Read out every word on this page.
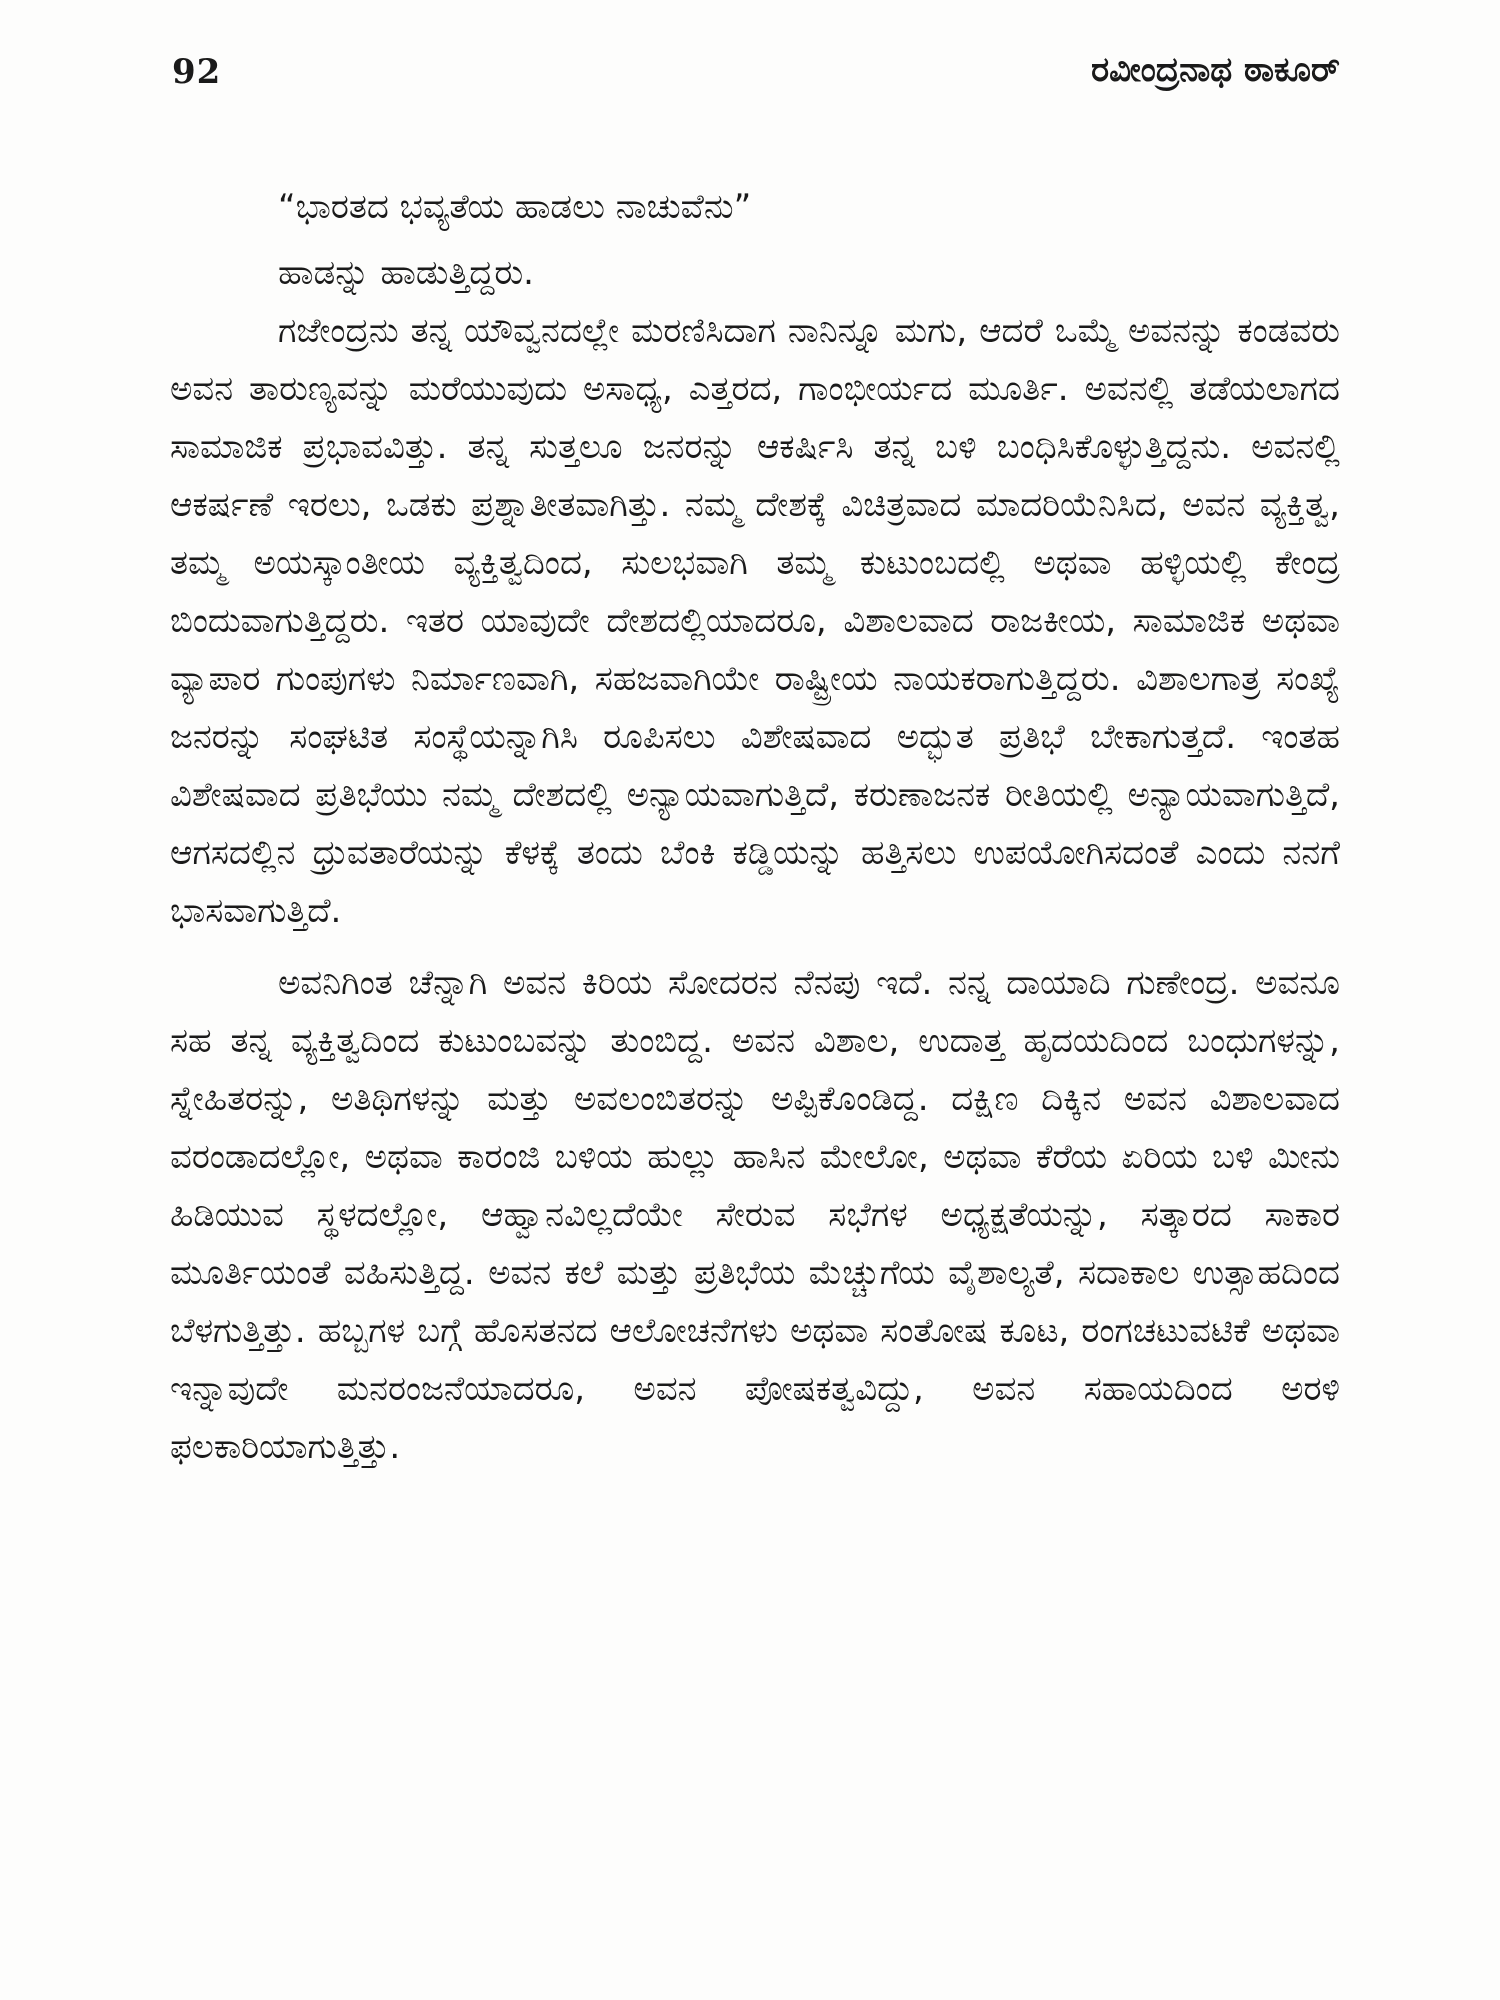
92	ರವೀಂದ್ರನಾಥ ಠಾಕೂರ್

“ಭಾರತದ ಭವ್ಯತೆಯ ಹಾಡಲು ನಾಚುವೆನು”

ಹಾಡನ್ನು ಹಾಡುತ್ತಿದ್ದರು.

ಗಜೇಂದ್ರನು ತನ್ನ ಯೌವ್ವನದಲ್ಲೇ ಮರಣಿಸಿದಾಗ ನಾನಿನ್ನೂ ಮಗು, ಆದರೆ ಒಮ್ಮೆ ಅವನನ್ನು ಕಂಡವರು ಅವನ ತಾರುಣ್ಯವನ್ನು ಮರೆಯುವುದು ಅಸಾಧ್ಯ, ಎತ್ತರದ, ಗಾಂಭೀರ್ಯದ ಮೂರ್ತಿ. ಅವನಲ್ಲಿ ತಡೆಯಲಾಗದ ಸಾಮಾಜಿಕ ಪ್ರಭಾವವಿತ್ತು. ತನ್ನ ಸುತ್ತಲೂ ಜನರನ್ನು ಆಕರ್ಷಿಸಿ ತನ್ನ ಬಳಿ ಬಂಧಿಸಿಕೊಳ್ಳುತ್ತಿದ್ದನು. ಅವನಲ್ಲಿ ಆಕರ್ಷಣೆ ಇರಲು, ಒಡಕು ಪ್ರಶ್ನಾತೀತವಾಗಿತ್ತು. ನಮ್ಮ ದೇಶಕ್ಕೆ ವಿಚಿತ್ರವಾದ ಮಾದರಿಯೆನಿಸಿದ, ಅವನ ವ್ಯಕ್ತಿತ್ವ, ತಮ್ಮ ಅಯಸ್ಕಾಂತೀಯ ವ್ಯಕ್ತಿತ್ವದಿಂದ, ಸುಲಭವಾಗಿ ತಮ್ಮ ಕುಟುಂಬದಲ್ಲಿ ಅಥವಾ ಹಳ್ಳಿಯಲ್ಲಿ ಕೇಂದ್ರ ಬಿಂದುವಾಗುತ್ತಿದ್ದರು. ಇತರ ಯಾವುದೇ ದೇಶದಲ್ಲಿಯಾದರೂ, ವಿಶಾಲವಾದ ರಾಜಕೀಯ, ಸಾಮಾಜಿಕ ಅಥವಾ ವ್ಯಾಪಾರ ಗುಂಪುಗಳು ನಿರ್ಮಾಣವಾಗಿ, ಸಹಜವಾಗಿಯೇ ರಾಷ್ಟ್ರೀಯ ನಾಯಕರಾಗುತ್ತಿದ್ದರು. ವಿಶಾಲಗಾತ್ರ ಸಂಖ್ಯೆ ಜನರನ್ನು ಸಂಘಟಿತ ಸಂಸ್ಥೆಯನ್ನಾಗಿಸಿ ರೂಪಿಸಲು ವಿಶೇಷವಾದ ಅದ್ಭುತ ಪ್ರತಿಭೆ ಬೇಕಾಗುತ್ತದೆ. ಇಂತಹ ವಿಶೇಷವಾದ ಪ್ರತಿಭೆಯು ನಮ್ಮ ದೇಶದಲ್ಲಿ ಅನ್ಯಾಯವಾಗುತ್ತಿದೆ, ಕರುಣಾಜನಕ ರೀತಿಯಲ್ಲಿ ಅನ್ಯಾಯವಾಗುತ್ತಿದೆ, ಆಗಸದಲ್ಲಿನ ಧ್ರುವತಾರೆಯನ್ನು ಕೆಳಕ್ಕೆ ತಂದು ಬೆಂಕಿ ಕಡ್ಡಿಯನ್ನು ಹತ್ತಿಸಲು ಉಪಯೋಗಿಸದಂತೆ ಎಂದು ನನಗೆ ಭಾಸವಾಗುತ್ತಿದೆ.

ಅವನಿಗಿಂತ ಚೆನ್ನಾಗಿ ಅವನ ಕಿರಿಯ ಸೋದರನ ನೆನಪು ಇದೆ. ನನ್ನ ದಾಯಾದಿ ಗುಣೇಂದ್ರ. ಅವನೂ ಸಹ ತನ್ನ ವ್ಯಕ್ತಿತ್ವದಿಂದ ಕುಟುಂಬವನ್ನು ತುಂಬಿದ್ದ. ಅವನ ವಿಶಾಲ, ಉದಾತ್ತ ಹೃದಯದಿಂದ ಬಂಧುಗಳನ್ನು, ಸ್ನೇಹಿತರನ್ನು, ಅತಿಥಿಗಳನ್ನು ಮತ್ತು ಅವಲಂಬಿತರನ್ನು ಅಪ್ಪಿಕೊಂಡಿದ್ದ. ದಕ್ಷಿಣ ದಿಕ್ಕಿನ ಅವನ ವಿಶಾಲವಾದ ವರಂಡಾದಲ್ಲೋ, ಅಥವಾ ಕಾರಂಜಿ ಬಳಿಯ ಹುಲ್ಲು ಹಾಸಿನ ಮೇಲೋ, ಅಥವಾ ಕೆರೆಯ ಏರಿಯ ಬಳಿ ಮೀನು ಹಿಡಿಯುವ ಸ್ಥಳದಲ್ಲೋ, ಆಹ್ವಾನವಿಲ್ಲದೆಯೇ ಸೇರುವ ಸಭೆಗಳ ಅಧ್ಯಕ್ಷತೆಯನ್ನು, ಸತ್ಕಾರದ ಸಾಕಾರ ಮೂರ್ತಿಯಂತೆ ವಹಿಸುತ್ತಿದ್ದ. ಅವನ ಕಲೆ ಮತ್ತು ಪ್ರತಿಭೆಯ ಮೆಚ್ಚುಗೆಯ ವೈಶಾಲ್ಯತೆ, ಸದಾಕಾಲ ಉತ್ಸಾಹದಿಂದ ಬೆಳಗುತ್ತಿತ್ತು. ಹಬ್ಬಗಳ ಬಗ್ಗೆ ಹೊಸತನದ ಆಲೋಚನೆಗಳು ಅಥವಾ ಸಂತೋಷ ಕೂಟ, ರಂಗಚಟುವಟಿಕೆ ಅಥವಾ ಇನ್ನಾವುದೇ ಮನರಂಜನೆಯಾದರೂ, ಅವನ ಪೋಷಕತ್ವವಿದ್ದು, ಅವನ ಸಹಾಯದಿಂದ ಅರಳಿ ಫಲಕಾರಿಯಾಗುತ್ತಿತ್ತು.
